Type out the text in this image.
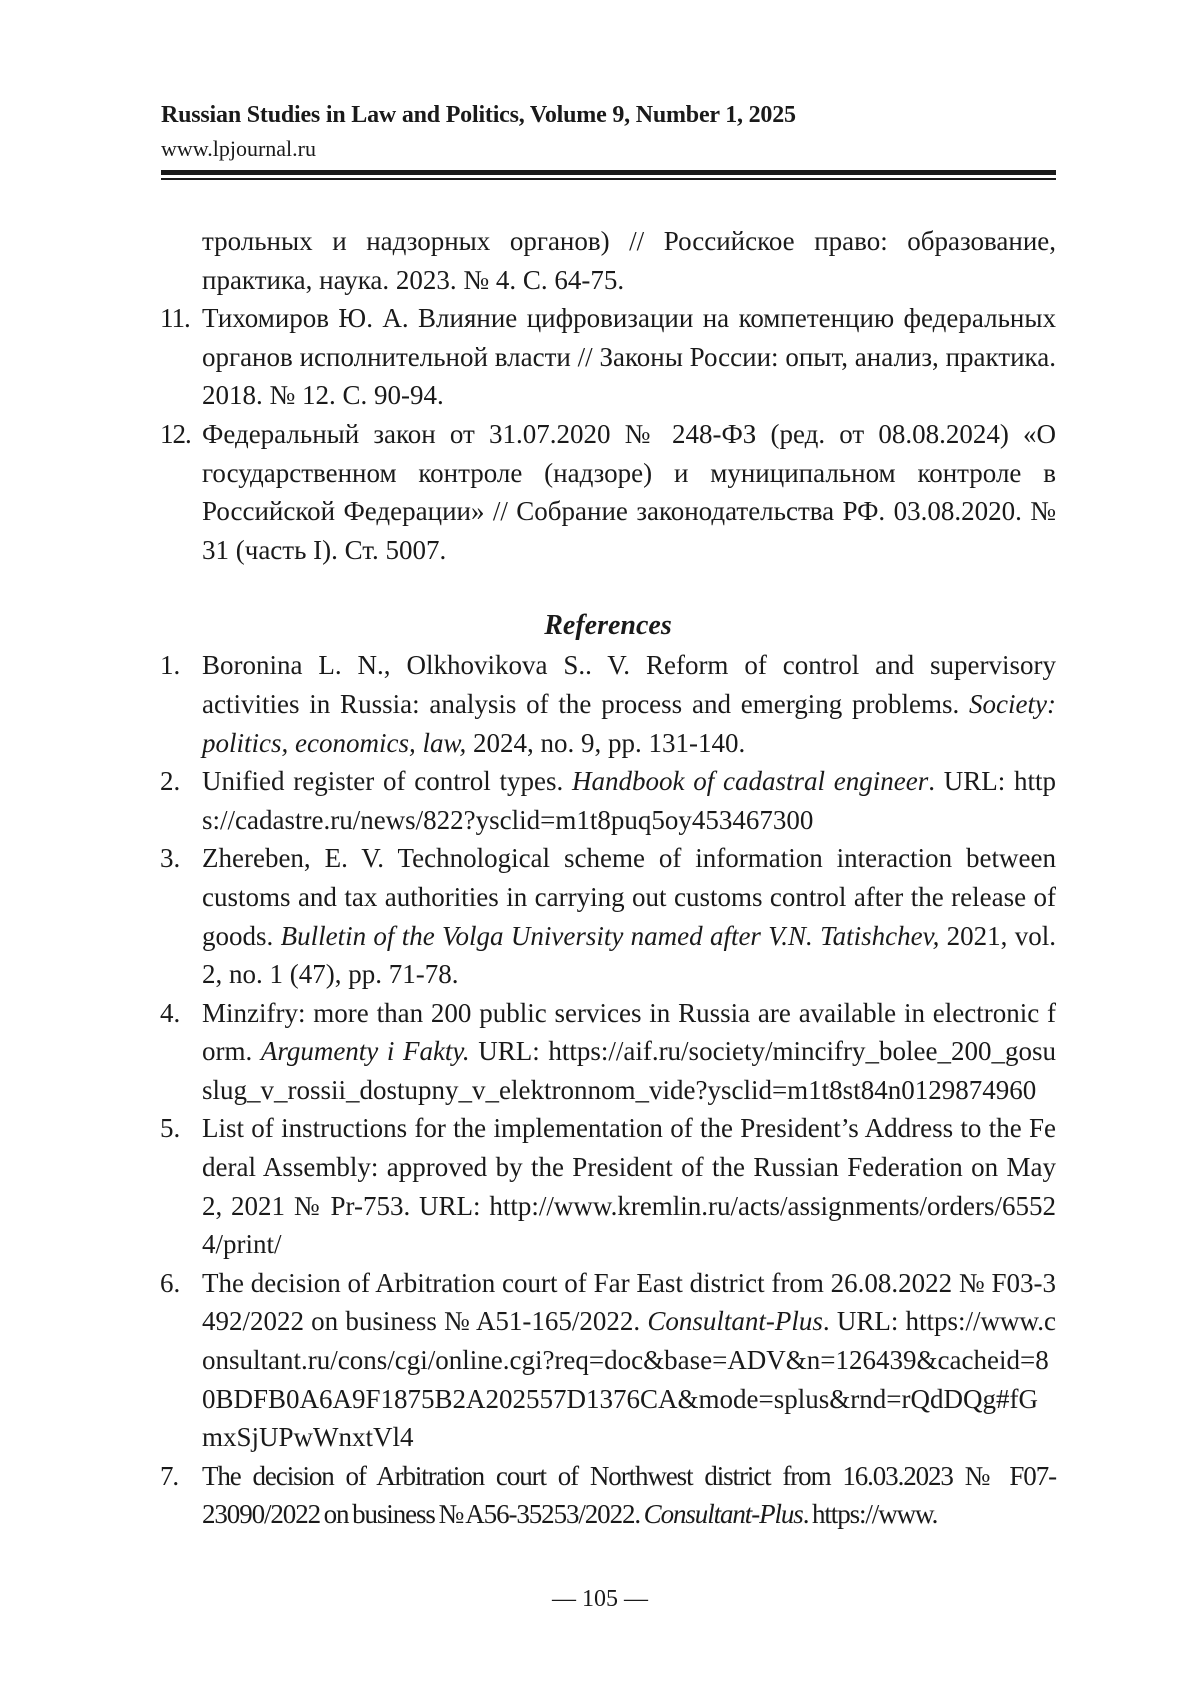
Russian Studies in Law and Politics, Volume 9, Number 1, 2025
www.lpjournal.ru
трольных и надзорных органов) // Российское право: образование, практика, наука. 2023. № 4. С. 64-75.
11. Тихомиров Ю. А. Влияние цифровизации на компетенцию федеральных органов исполнительной власти // Законы России: опыт, анализ, практика. 2018. № 12. С. 90-94.
12. Федеральный закон от 31.07.2020 № 248-ФЗ (ред. от 08.08.2024) «О государственном контроле (надзоре) и муниципальном контроле в Российской Федерации» // Собрание законодательства РФ. 03.08.2020. № 31 (часть I). Ст. 5007.
References
1. Boronina L. N., Olkhovikova S.. V. Reform of control and supervisory activities in Russia: analysis of the process and emerging problems. Society: politics, economics, law, 2024, no. 9, pp. 131-140.
2. Unified register of control types. Handbook of cadastral engineer. URL: https://cadastre.ru/news/822?ysclid=m1t8puq5oy453467300
3. Zhereben, E. V. Technological scheme of information interaction between customs and tax authorities in carrying out customs control after the release of goods. Bulletin of the Volga University named after V.N. Tatishchev, 2021, vol. 2, no. 1 (47), pp. 71-78.
4. Minzifry: more than 200 public services in Russia are available in electronic form. Argumenty i Fakty. URL: https://aif.ru/society/mincifry_bolee_200_gosuslug_v_rossii_dostupny_v_elektronnom_vide?ysclid=m1t8st84n0129874960
5. List of instructions for the implementation of the President’s Address to the Federal Assembly: approved by the President of the Russian Federation on May 2, 2021 № Pr-753. URL: http://www.kremlin.ru/acts/assignments/orders/65524/print/
6. The decision of Arbitration court of Far East district from 26.08.2022 № F03-3492/2022 on business № A51-165/2022. Consultant-Plus. URL: https://www.consultant.ru/cons/cgi/online.cgi?req=doc&base=ADV&n=126439&cacheid=80BDFB0A6A9F1875B2A202557D1376CA&mode=splus&rnd=rQdDQg#fGmxSjUPwWnxtVl4
7. The decision of Arbitration court of Northwest district from 16.03.2023 № F07-23090/2022 on business № A56-35253/2022. Consultant-Plus. https://www.
— 105 —
